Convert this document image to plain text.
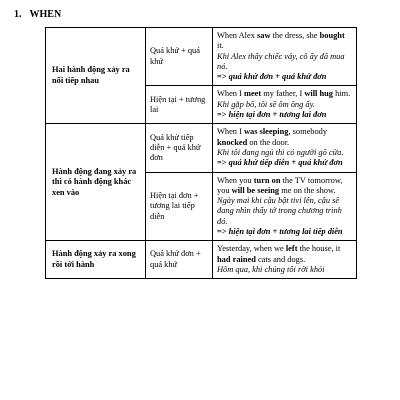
1. WHEN
Hai hành động xảy ra nối tiếp nhau	Quá khứ + quá khứ	When Alex saw the dress, she bought it.

Khi Alex thấy chiếc váy, cô ấy đã mua nó.

=> quá khứ đơn + quá khứ đơn

	Hiện tại + tương lai	When I meet my father, I will hug him.

Khi gặp bố, tôi sẽ ôm ông ấy.

=> hiện tại đơn + tương lai đơn

Hành động đang xảy ra thì có hành động khác xen vào	Quá khứ tiếp diễn + quá khứ đơn	When I was sleeping, somebody knocked on the door.

Khi tôi đang ngủ thì có người gõ cửa.

=> quá khứ tiếp diễn + quá khứ đơn

	Hiện tại đơn + tương lai tiếp diễn	When you turn on the TV tomorrow, you will be seeing me on the show.

Ngày mai khi cậu bật tivi lên, cậu sẽ đang nhìn thấy tớ trong chương trình đó.

=> hiện tại đơn + tương lai tiếp diễn

Hành động xảy ra xong rồi tới hành	Quá khứ đơn + quá khứ	Yesterday, when we left the house, it had rained cats and dogs.

Hôm qua, khi chúng tôi rời khỏi
